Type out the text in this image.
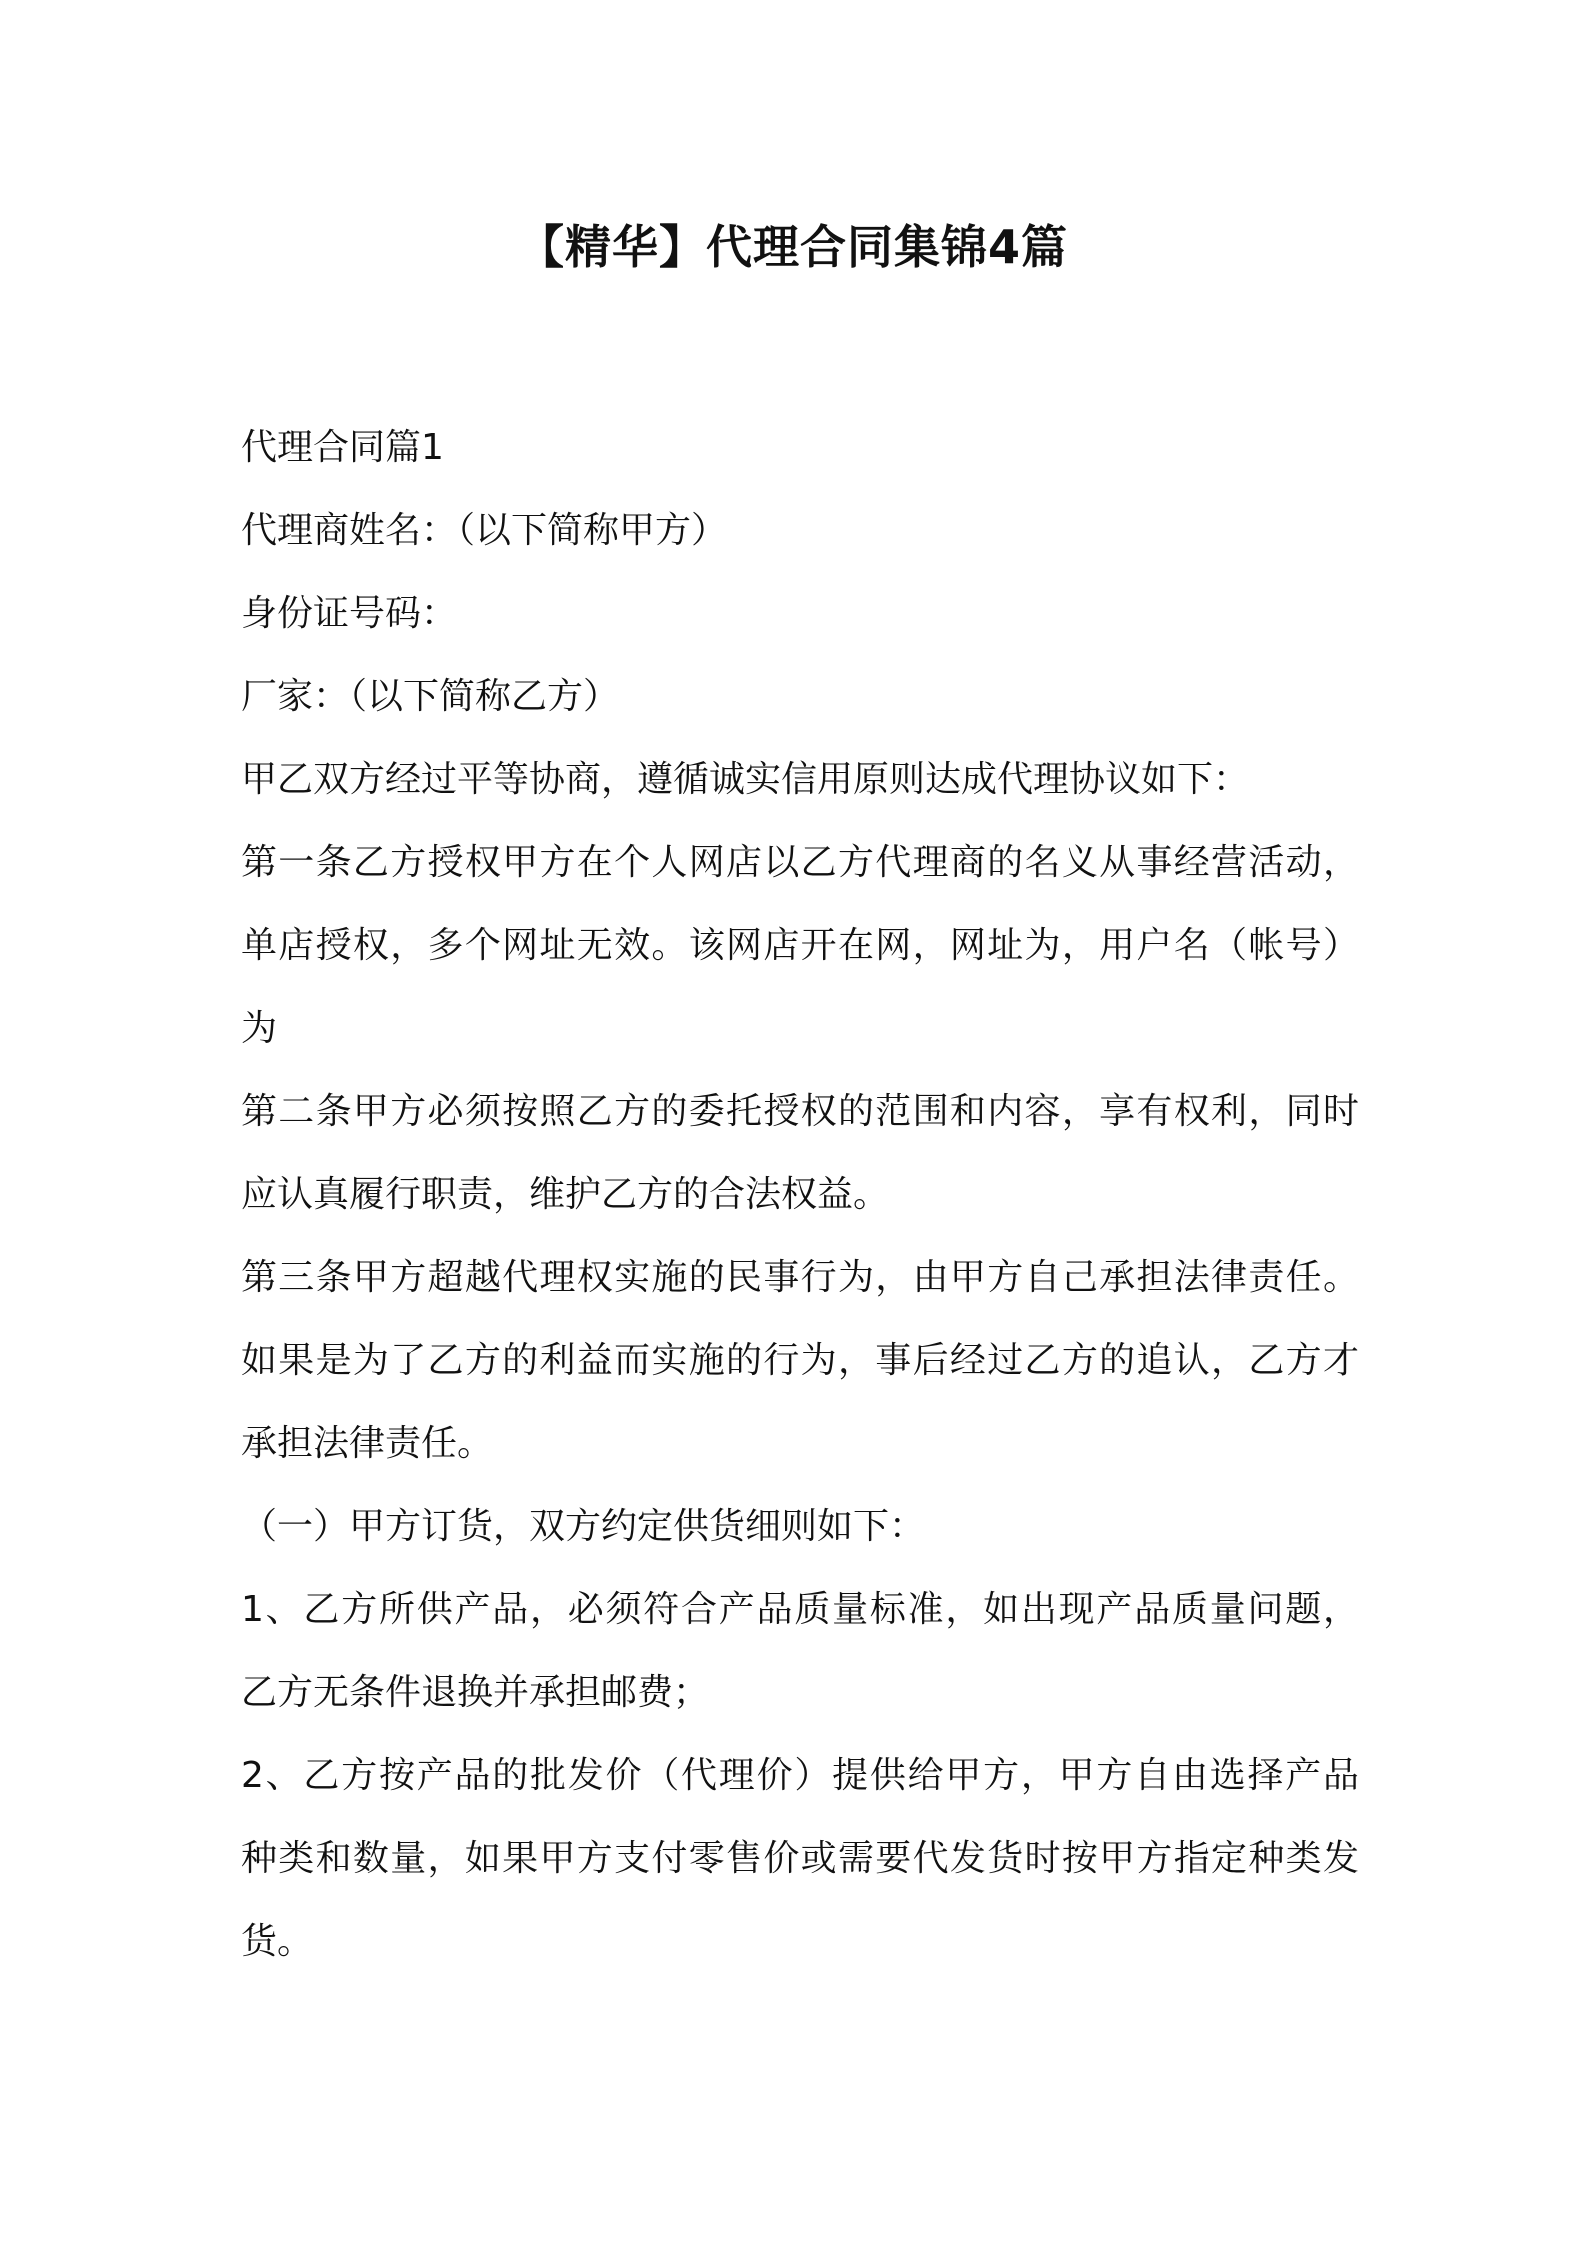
【精华】代理合同集锦4篇

代理合同篇1

代理商姓名：（以下简称甲方）

身份证号码：

厂家：（以下简称乙方）

甲乙双方经过平等协商，遵循诚实信用原则达成代理协议如下：

第一条乙方授权甲方在个人网店以乙方代理商的名义从事经营活动，

单店授权，多个网址无效。该网店开在网，网址为，用户名（帐号）

为

第二条甲方必须按照乙方的委托授权的范围和内容，享有权利，同时

应认真履行职责，维护乙方的合法权益。

第三条甲方超越代理权实施的民事行为，由甲方自己承担法律责任。

如果是为了乙方的利益而实施的行为，事后经过乙方的追认，乙方才

承担法律责任。

（一）甲方订货，双方约定供货细则如下：

1、乙方所供产品，必须符合产品质量标准，如出现产品质量问题，

乙方无条件退换并承担邮费；

2、乙方按产品的批发价（代理价）提供给甲方，甲方自由选择产品

种类和数量，如果甲方支付零售价或需要代发货时按甲方指定种类发

货。
